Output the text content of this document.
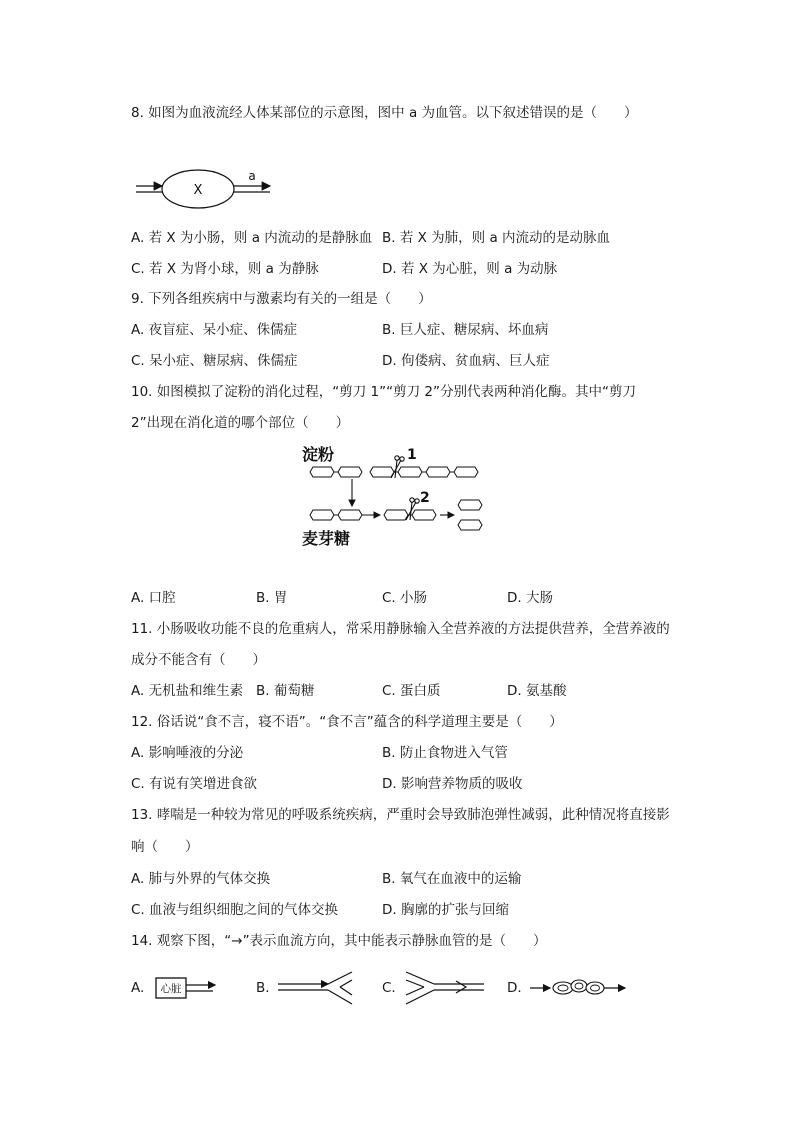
8. 如图为血液流经人体某部位的示意图，图中 a 为血管。以下叙述错误的是（　　）
X
a
A. 若 X 为小肠，则 a 内流动的是静脉血 B. 若 X 为肺，则 a 内流动的是动脉血
C. 若 X 为肾小球，则 a 为静脉	D. 若 X 为心脏，则 a 为动脉
9. 下列各组疾病中与激素均有关的一组是（　　）
A. 夜盲症、呆小症、侏儒症	B. 巨人症、糖尿病、坏血病
C. 呆小症、糖尿病、侏儒症	D. 佝偻病、贫血病、巨人症
10. 如图模拟了淀粉的消化过程，“剪刀 1”“剪刀 2”分别代表两种消化酶。其中“剪刀
2”出现在消化道的哪个部位（　　）
淀粉	1
2
麦芽糖
A. 口腔	B. 胃	C. 小肠	D. 大肠
11. 小肠吸收功能不良的危重病人，常采用静脉输入全营养液的方法提供营养，全营养液的
成分不能含有（　　）
A. 无机盐和维生素 B. 葡萄糖	C. 蛋白质	D. 氨基酸
12. 俗话说“食不言，寝不语”。“食不言”蕴含的科学道理主要是（　　）
A. 影响唾液的分泌	B. 防止食物进入气管
C. 有说有笑增进食欲	D. 影响营养物质的吸收
13. 哮喘是一种较为常见的呼吸系统疾病，严重时会导致肺泡弹性减弱，此种情况将直接影
响（　　）
A. 肺与外界的气体交换	B. 氧气在血液中的运输
C. 血液与组织细胞之间的气体交换	D. 胸廓的扩张与回缩
14. 观察下图，“→”表示血流方向，其中能表示静脉血管的是（　　）
A. 心脏	B.	C.	D.
